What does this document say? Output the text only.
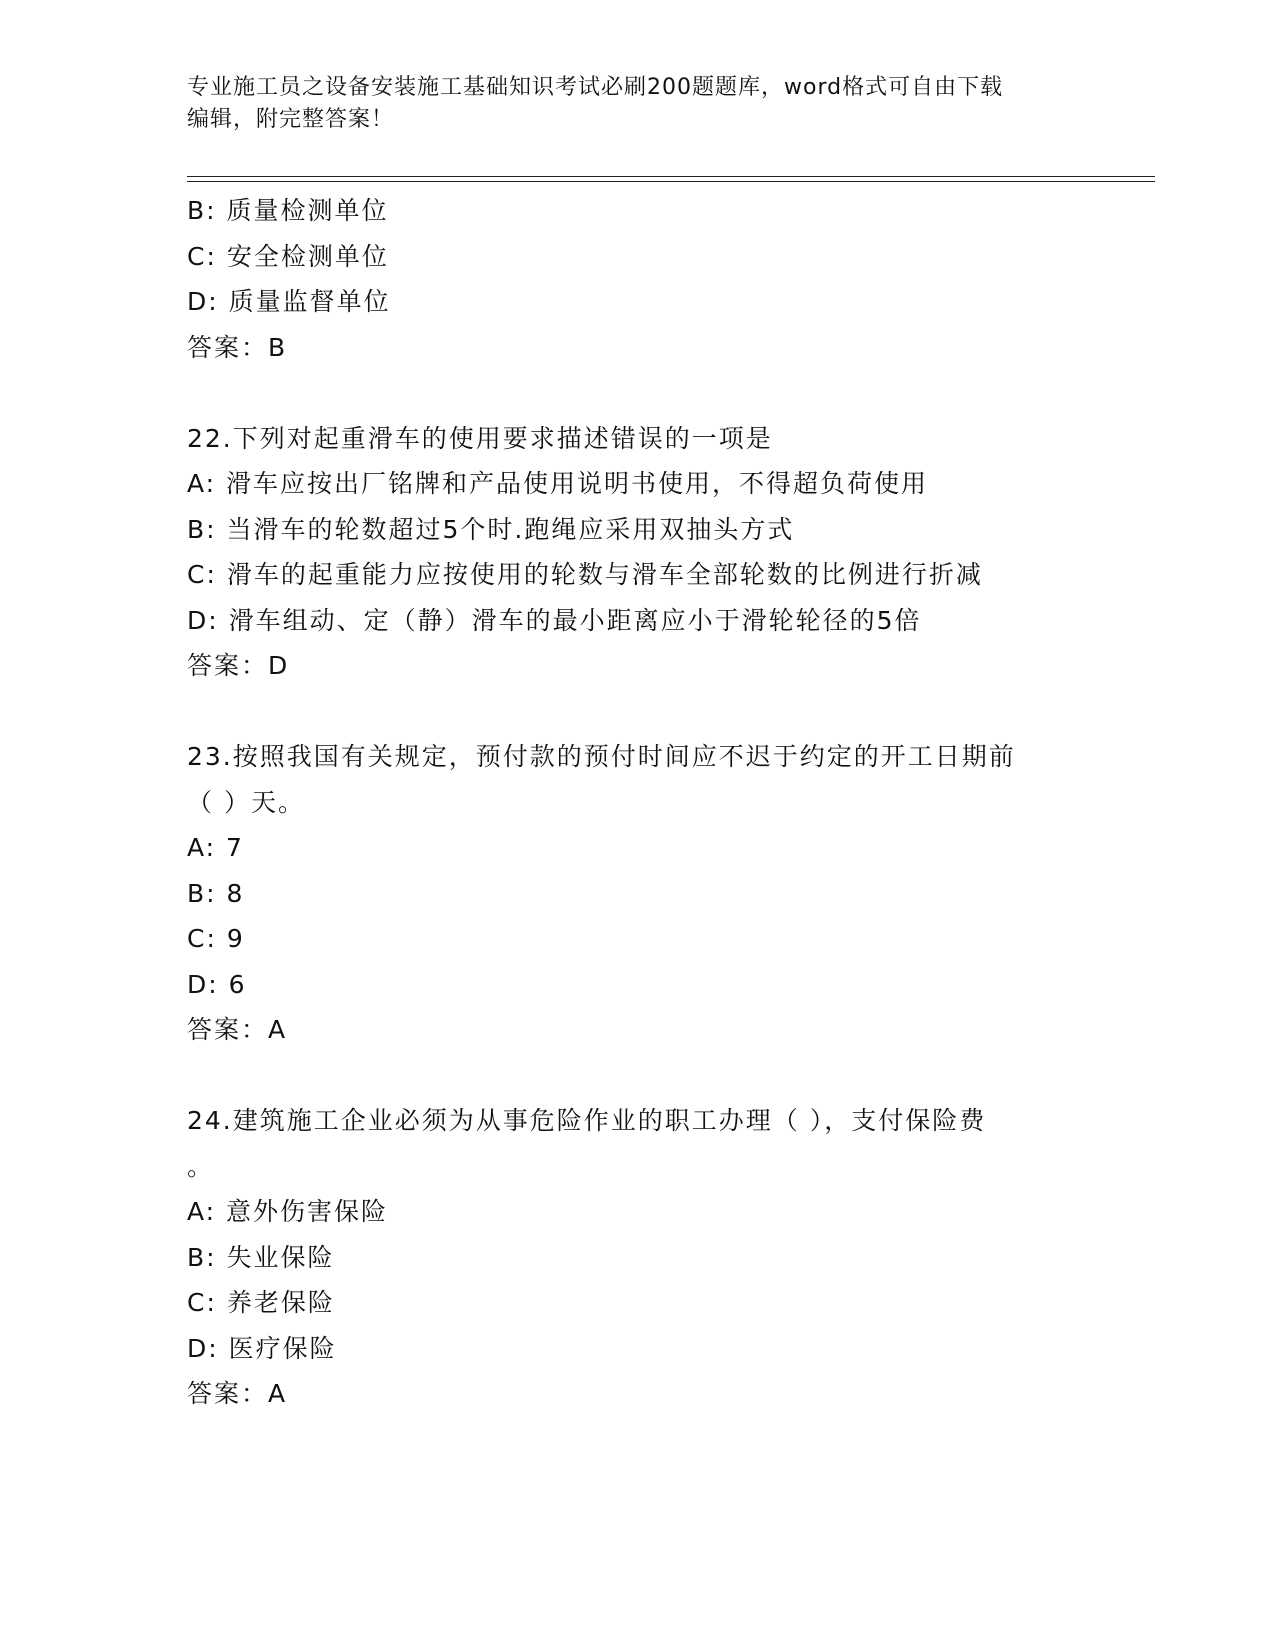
专业施工员之设备安装施工基础知识考试必刷200题题库，word格式可自由下载
编辑，附完整答案！
B: 质量检测单位
C: 安全检测单位
D: 质量监督单位
答案：B
22.下列对起重滑车的使用要求描述错误的一项是
A: 滑车应按出厂铭牌和产品使用说明书使用，不得超负荷使用
B: 当滑车的轮数超过5个时.跑绳应采用双抽头方式
C: 滑车的起重能力应按使用的轮数与滑车全部轮数的比例进行折减
D: 滑车组动、定（静）滑车的最小距离应小于滑轮轮径的5倍
答案：D
23.按照我国有关规定，预付款的预付时间应不迟于约定的开工日期前
（ ）天。
A: 7
B: 8
C: 9
D: 6
答案：A
24.建筑施工企业必须为从事危险作业的职工办理（ ），支付保险费
。
A: 意外伤害保险
B: 失业保险
C: 养老保险
D: 医疗保险
答案：A
